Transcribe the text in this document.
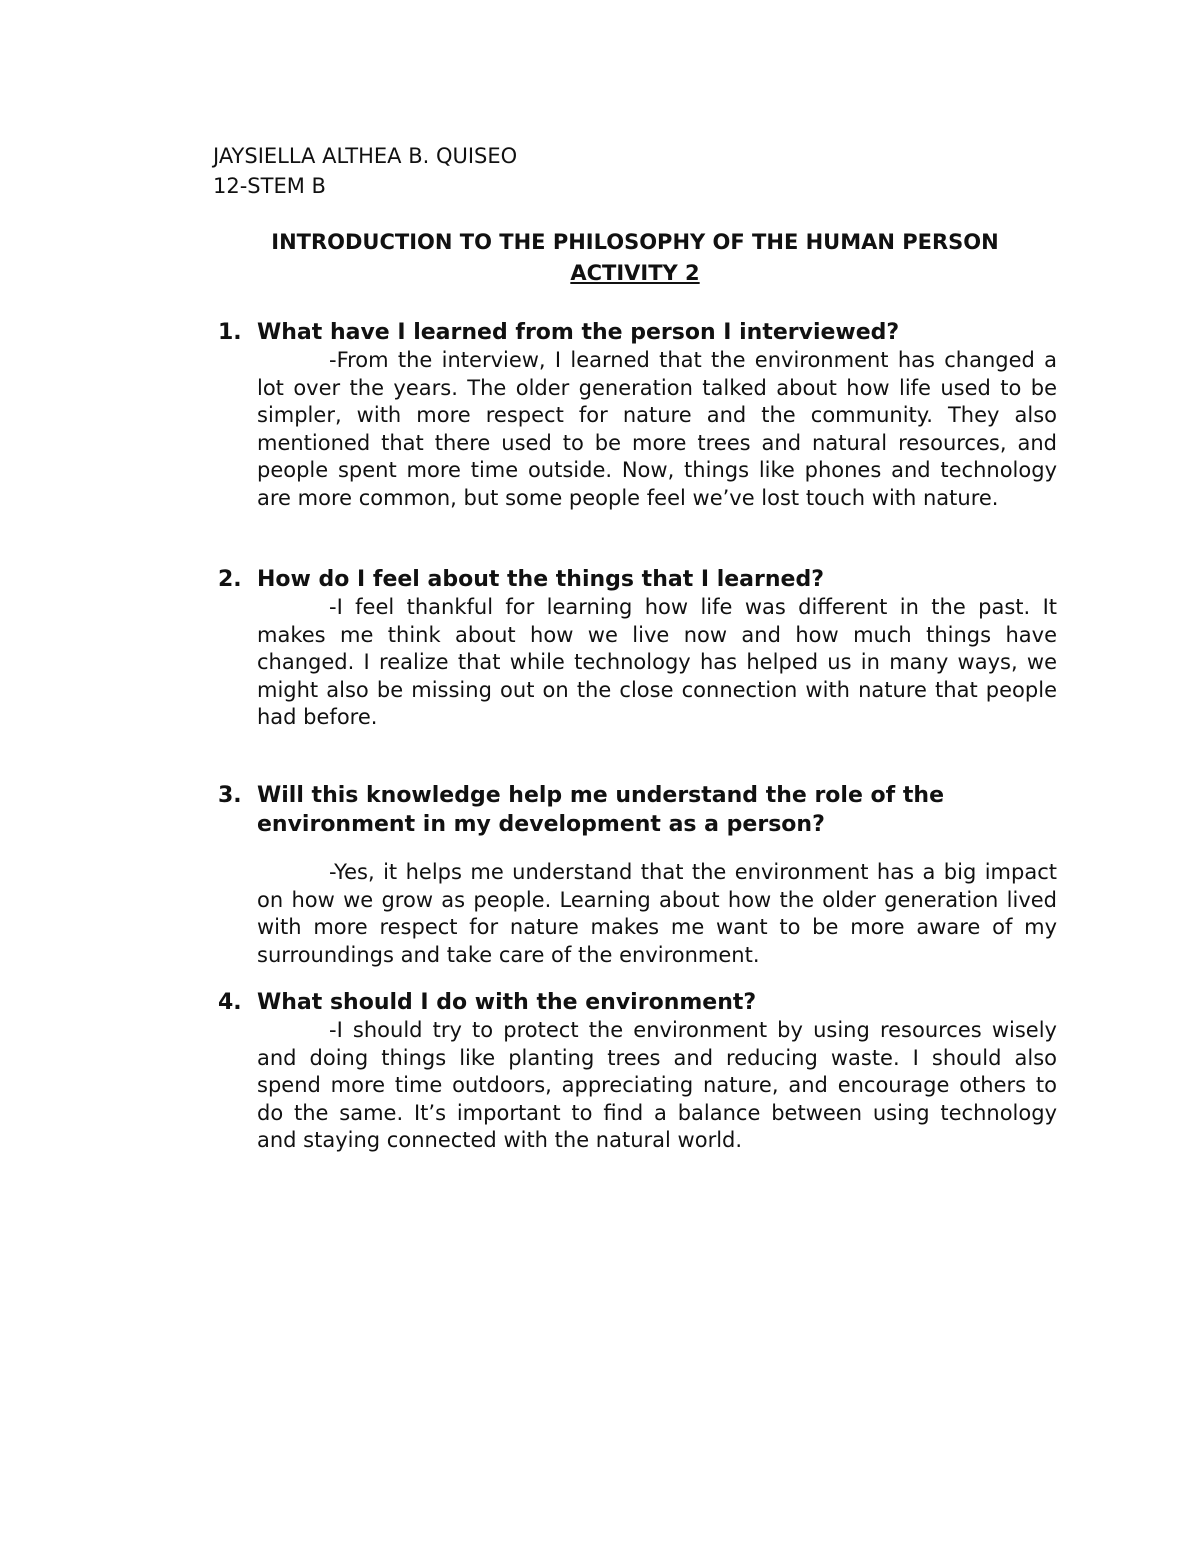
JAYSIELLA ALTHEA B. QUISEO
12-STEM B
INTRODUCTION TO THE PHILOSOPHY OF THE HUMAN PERSON
ACTIVITY 2
1. What have I learned from the person I interviewed?
-From the interview, I learned that the environment has changed a lot over the years. The older generation talked about how life used to be simpler, with more respect for nature and the community. They also mentioned that there used to be more trees and natural resources, and people spent more time outside. Now, things like phones and technology are more common, but some people feel we’ve lost touch with nature.
2. How do I feel about the things that I learned?
-I feel thankful for learning how life was different in the past. It makes me think about how we live now and how much things have changed. I realize that while technology has helped us in many ways, we might also be missing out on the close connection with nature that people had before.
3. Will this knowledge help me understand the role of the environment in my development as a person?
-Yes, it helps me understand that the environment has a big impact on how we grow as people. Learning about how the older generation lived with more respect for nature makes me want to be more aware of my surroundings and take care of the environment.
4. What should I do with the environment?
-I should try to protect the environment by using resources wisely and doing things like planting trees and reducing waste. I should also spend more time outdoors, appreciating nature, and encourage others to do the same. It’s important to find a balance between using technology and staying connected with the natural world.
